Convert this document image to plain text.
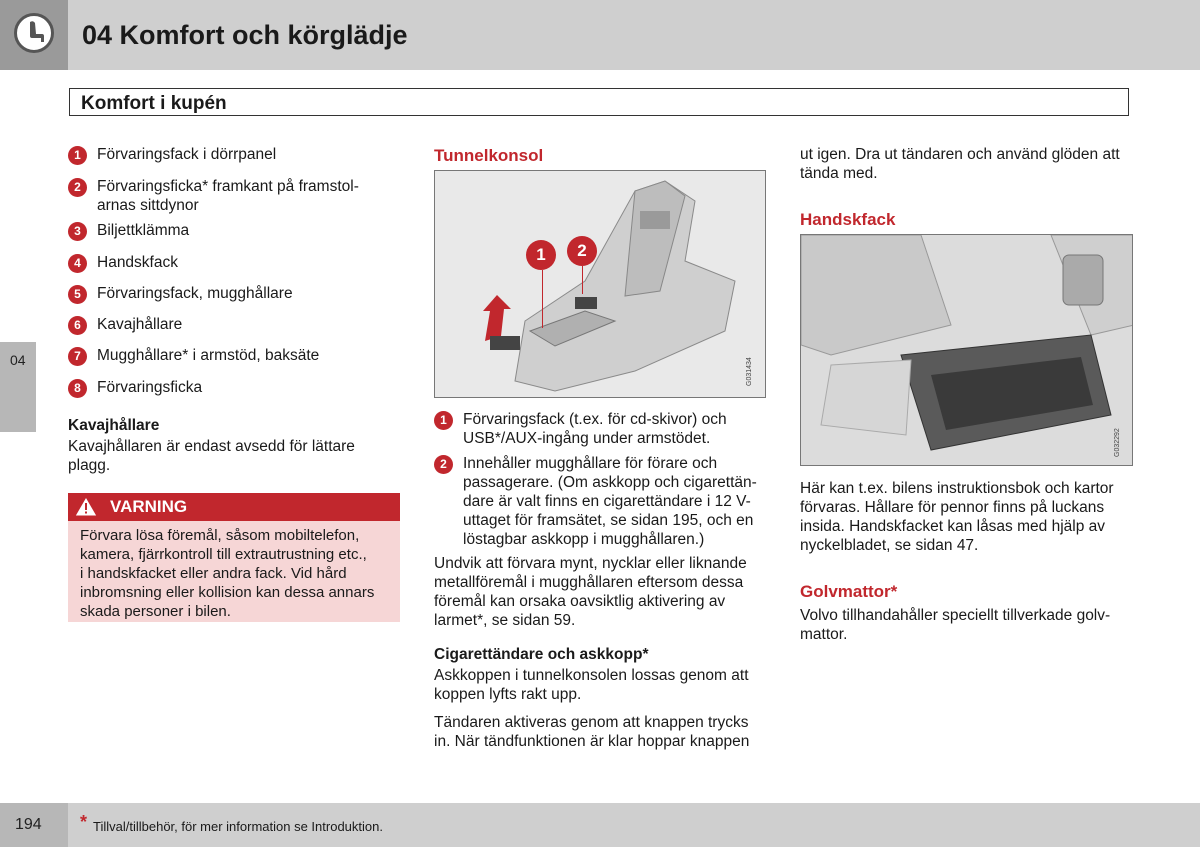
04 Komfort och körglädje
Komfort i kupén
04
1	Förvaringsfack i dörrpanel
2	Förvaringsficka* framkant på framstol-
arnas sittdynor
3	Biljettklämma
4	Handskfack
5	Förvaringsfack, mugghållare
6	Kavajhållare
7	Mugghållare* i armstöd, baksäte
8	Förvaringsficka
Kavajhållare
Kavajhållaren är endast avsedd för lättare
plagg.
VARNING
Förvara lösa föremål, såsom mobiltelefon,
kamera, fjärrkontroll till extrautrustning etc.,
i handskfacket eller andra fack. Vid hård
inbromsning eller kollision kan dessa annars
skada personer i bilen.
Tunnelkonsol
1	2
G031434
1	Förvaringsfack (t.ex. för cd-skivor) och
USB*/AUX-ingång under armstödet.
2	Innehåller mugghållare för förare och
passagerare. (Om askkopp och cigarettän-
dare är valt finns en cigarettändare i 12 V-
uttaget för framsätet, se sidan 195, och en
löstagbar askkopp i mugghållaren.)
Undvik att förvara mynt, nycklar eller liknande
metallföremål i mugghållaren eftersom dessa
föremål kan orsaka oavsiktlig aktivering av
larmet*, se sidan 59.
Cigarettändare och askkopp*
Askkoppen i tunnelkonsolen lossas genom att
koppen lyfts rakt upp.
Tändaren aktiveras genom att knappen trycks
in. När tändfunktionen är klar hoppar knappen
ut igen. Dra ut tändaren och använd glöden att
tända med.
Handskfack
G032292
Här kan t.ex. bilens instruktionsbok och kartor
förvaras. Hållare för pennor finns på luckans
insida. Handskfacket kan låsas med hjälp av
nyckelbladet, se sidan 47.
Golvmattor*
Volvo tillhandahåller speciellt tillverkade golv-
mattor.
194 * Tillval/tillbehör, för mer information se Introduktion.
